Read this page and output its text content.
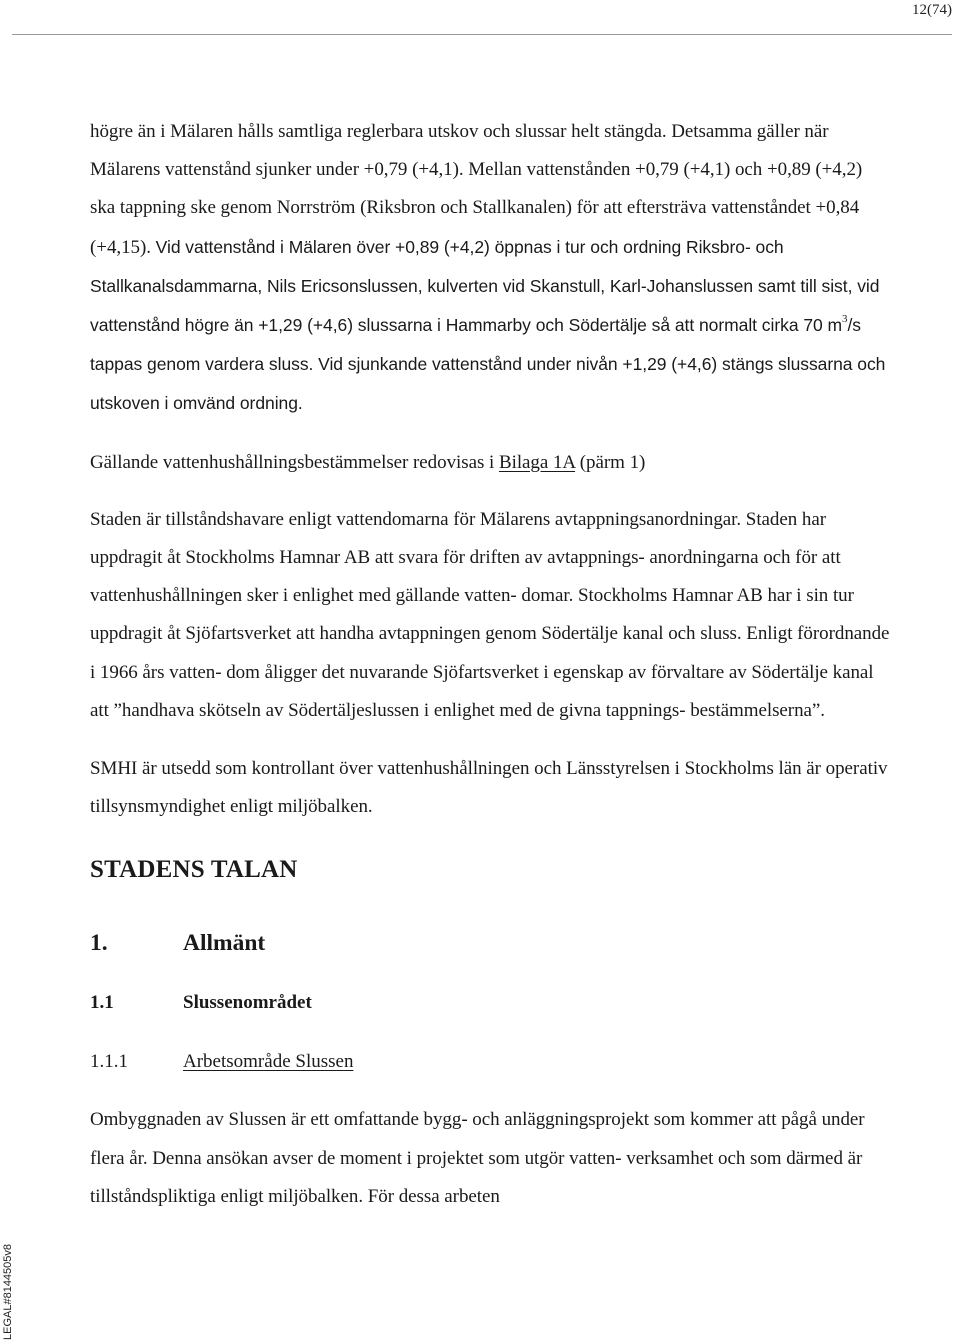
12(74)

högre än i Mälaren hålls samtliga reglerbara utskov och slussar helt stängda. Detsamma gäller när Mälarens vattenstånd sjunker under +0,79 (+4,1). Mellan vattenstånden +0,79 (+4,1) och +0,89 (+4,2) ska tappning ske genom Norrström (Riksbron och Stallkanalen) för att eftersträva vattenståndet +0,84 (+4,15). Vid vattenstånd i Mälaren över +0,89 (+4,2) öppnas i tur och ordning Riksbro- och Stallkanalsdammarna, Nils Ericsonslussen, kulverten vid Skanstull, Karl-Johanslussen samt till sist, vid vattenstånd högre än +1,29 (+4,6) slussarna i Hammarby och Södertälje så att normalt cirka 70 $m^3/s$ tappas genom vardera sluss. Vid sjunkande vattenstånd under nivån +1,29 (+4,6) stängs slussarna och utskoven i omvänd ordning.

Gällande vattenhushållningsbestämmelser redovisas i Bilaga 1A (pärm 1)

Staden är tillståndshavare enligt vattendomarna för Mälarens avtappningsanordningar. Staden har uppdragit åt Stockholms Hamnar AB att svara för driften av avtappnings- anordningarna och för att vattenhushållningen sker i enlighet med gällande vatten- domar. Stockholms Hamnar AB har i sin tur uppdragit åt Sjöfartsverket att handha avtappningen genom Södertälje kanal och sluss. Enligt förordnande i 1966 års vatten- dom åligger det nuvarande Sjöfartsverket i egenskap av förvaltare av Södertälje kanal att ”handhava skötseln av Södertäljeslussen i enlighet med de givna tappnings- bestämmelserna”.

SMHI är utsedd som kontrollant över vattenhushållningen och Länsstyrelsen i Stockholms län är operativ tillsynsmyndighet enligt miljöbalken.

STADENS TALAN
1.	Allmänt
1.1	Slussenområdet
1.1.1	Arbetsområde Slussen

Ombyggnaden av Slussen är ett omfattande bygg- och anläggningsprojekt som kommer att pågå under flera år. Denna ansökan avser de moment i projektet som utgör vatten- verksamhet och som därmed är tillståndspliktiga enligt miljöbalken. För dessa arbeten

LEGAL#8144505v8
